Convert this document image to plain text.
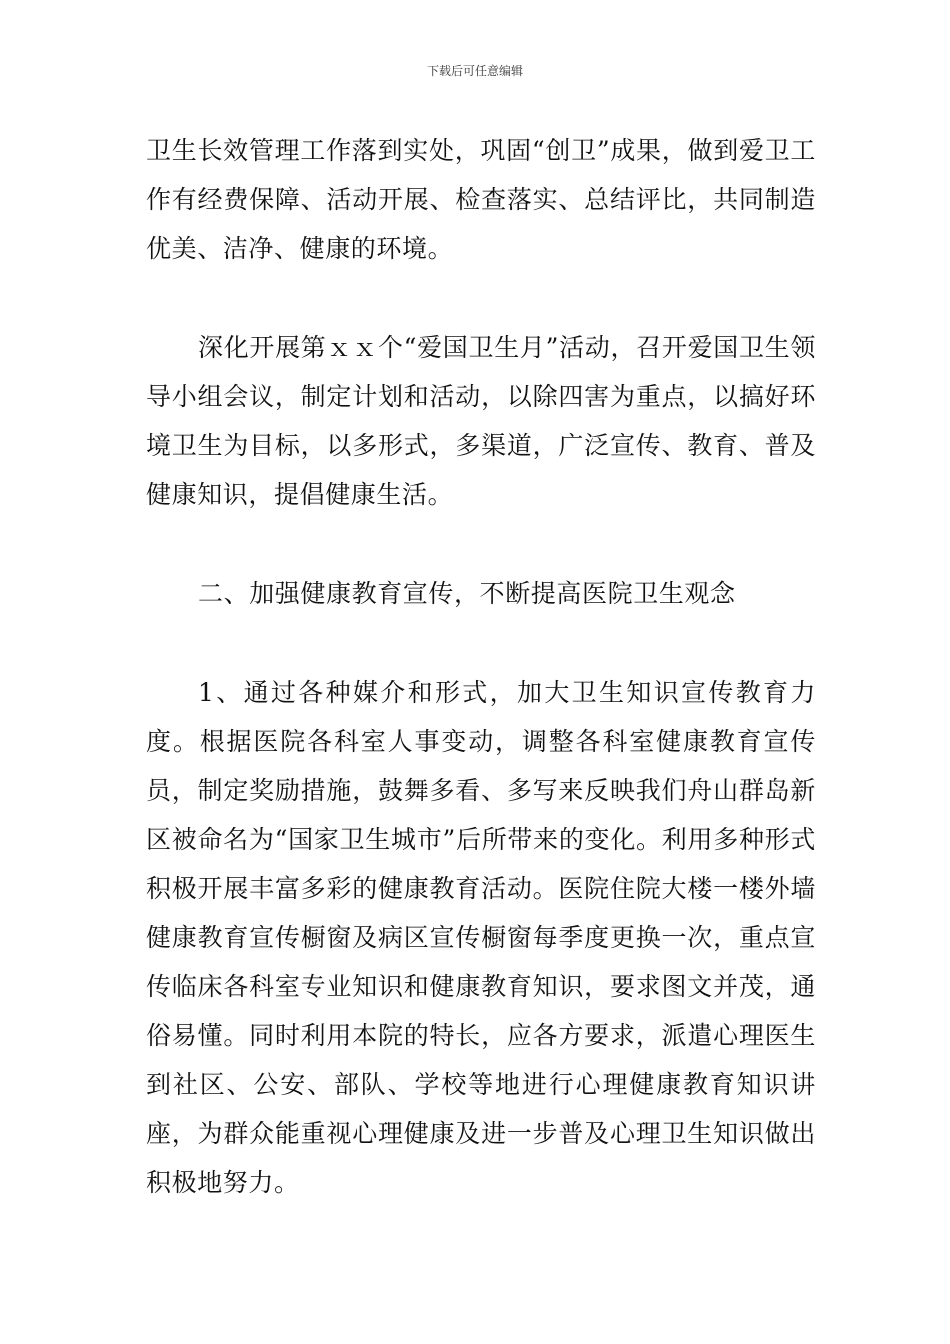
下载后可任意编辑

卫生长效管理工作落到实处，巩固“创卫”成果，做到爱卫工作有经费保障、活动开展、检查落实、总结评比，共同制造优美、洁净、健康的环境。

深化开展第ｘｘ个“爱国卫生月”活动，召开爱国卫生领导小组会议，制定计划和活动，以除四害为重点，以搞好环境卫生为目标，以多形式，多渠道，广泛宣传、教育、普及健康知识，提倡健康生活。

二、加强健康教育宣传，不断提高医院卫生观念

1、通过各种媒介和形式，加大卫生知识宣传教育力度。根据医院各科室人事变动，调整各科室健康教育宣传员，制定奖励措施，鼓舞多看、多写来反映我们舟山群岛新区被命名为“国家卫生城市”后所带来的变化。利用多种形式积极开展丰富多彩的健康教育活动。医院住院大楼一楼外墙健康教育宣传橱窗及病区宣传橱窗每季度更换一次，重点宣传临床各科室专业知识和健康教育知识，要求图文并茂，通俗易懂。同时利用本院的特长，应各方要求，派遣心理医生到社区、公安、部队、学校等地进行心理健康教育知识讲座，为群众能重视心理健康及进一步普及心理卫生知识做出积极地努力。
